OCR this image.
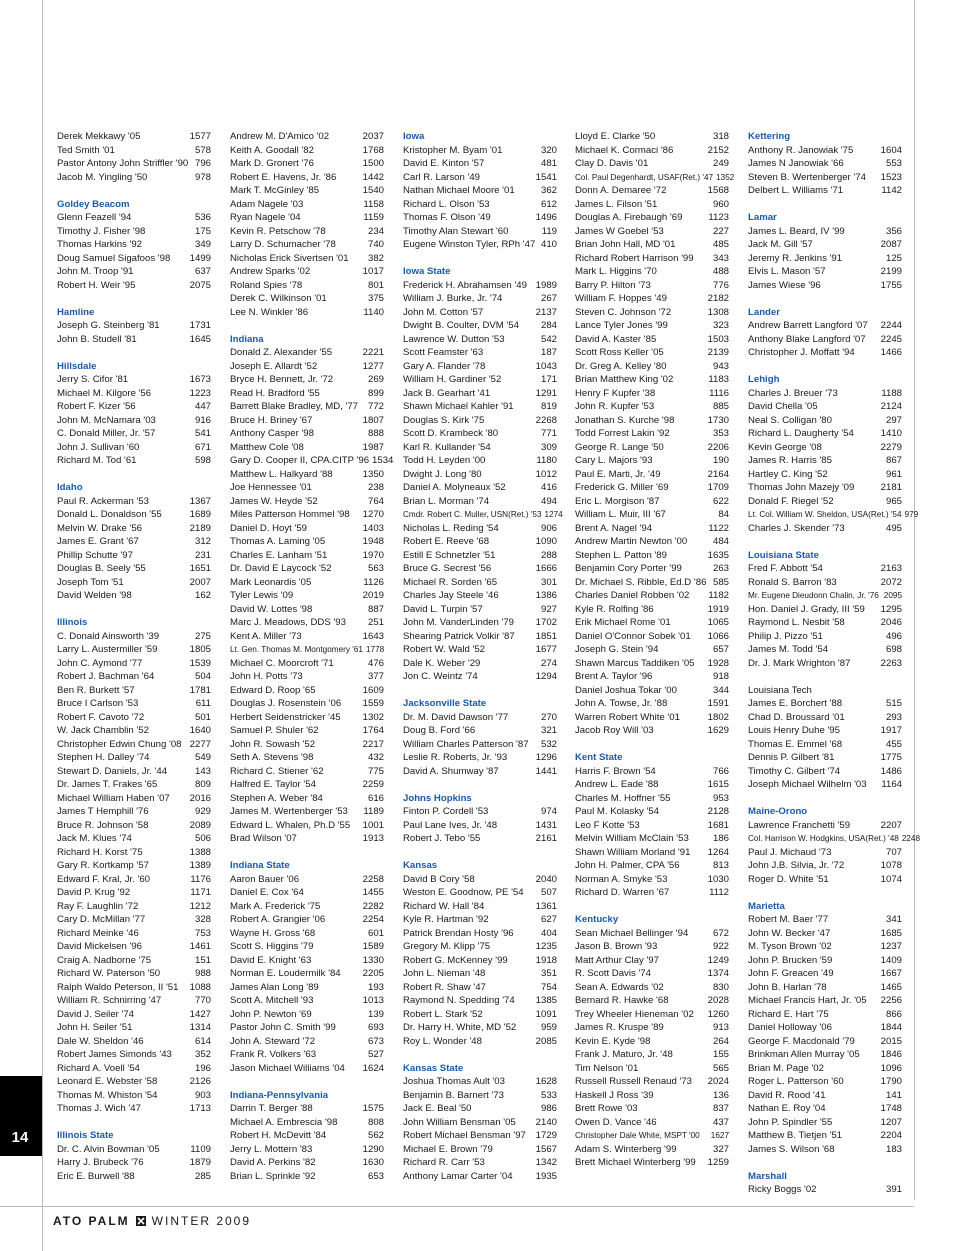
14
Derek Mekkawy '05	1577
Ted Smith '01	578
Pastor Antony John Striffler '90 796
Jacob M. Yingling '50	978
Goldey Beacom
Glenn Feazell '94	536
Timothy J. Fisher '98	175
Thomas Harkins '92	349
Doug Samuel Sigafoos '98	1499
John M. Troop '91	637
Robert H. Weir '95	2075
Hamline
Joseph G. Steinberg '81	1731
John B. Studell '81	1645
Hillsdale
Jerry S. Cifor '81	1673
Michael M. Kilgore '56	1223
Robert F. Kizer '56	447
John M. McNamara '03	916
C. Donald Miller, Jr. '57	541
John J. Sullivan '60	671
Richard M. Tod '61	598
Idaho
Paul R. Ackerman '53	1367
Donald L. Donaldson '55	1689
Melvin W. Drake '56	2189
James E. Grant '67	312
Phillip Schutte '97	231
Douglas B. Seely '55	1651
Joseph Tom '51	2007
David Welden '98	162
Illinois
C. Donald Ainsworth '39	275
Larry L. Austermiller '59	1805
John C. Aymond '77	1539
Robert J. Bachman '64	504
Ben R. Burkett '57	1781
Bruce I Carlson '53	611
Robert F. Cavoto '72	501
W. Jack Chamblin '52	1640
Christopher Edwin Chung '08 2277
Stephen H. Dalley '74	549
Stewart D. Daniels, Jr. '44	143
Dr. James T. Frakes '65	809
Michael William Haben '07	2016
James T Hemphill '76	929
Bruce R. Johnson '58	2089
Jack M. Klues '74	506
Richard H. Korst '75	1388
Gary R. Kortkamp '57	1389
Edward F. Kral, Jr. '60	1176
David P. Krug '92	1171
Ray F. Laughlin '72	1212
Cary D. McMillan '77	328
Richard Meinke '46	753
David Mickelsen '96	1461
Craig A. Nadborne '75	151
Richard W. Paterson '50	988
Ralph Waldo Peterson, II '51	1088
William R. Schnirring '47	770
David J. Seiler '74	1427
John H. Seiler '51	1314
Dale W. Sheldon '46	614
Robert James Simonds '43	352
Richard A. Voell '54	196
Leonard E. Webster '58	2126
Thomas M. Whiston '54	903
Thomas J. Wich '47	1713
Illinois State
Dr. C. Alvin Bowman '05	1109
Harry J. Brubeck '76	1879
Eric E. Burwell '88	285
Andrew M. D'Amico '02	2037
Keith A. Goodall '82	1768
Mark D. Gronert '76	1500
Robert E. Havens, Jr. '86	1442
Mark T. McGinley '85	1540
Adam Nagele '03	1158
Ryan Nagele '04	1159
Kevin R. Petschow '78	234
Larry D. Schumacher '78	740
Nicholas Erick Sivertsen '01	382
Andrew Sparks '02	1017
Roland Spies '78	801
Derek C. Wilkinson '01	375
Lee N. Winkler '86	1140
Indiana
Donald Z. Alexander '55	2221
Joseph E. Allardt '52	1277
Bryce H. Bennett, Jr. '72	269
Read H. Bradford '55	899
Barrett Blake Bradley, MD, '77	772
Bruce H. Briney '67	1807
Anthony Casper '98	888
Matthew Cole '08	1987
Gary D. Cooper II, CPA.CITP '96 1534
Matthew L. Halkyard '88	1350
Joe Hennessee '01	238
James W. Heyde '52	764
Miles Patterson Hommel '98	1270
Daniel D. Hoyt '59	1403
Thomas A. Laming '05	1948
Charles E. Lanham '51	1970
Dr. David E Laycock '52	563
Mark Leonardis '05	1126
Tyler Lewis '09	2019
David W. Lottes '98	887
Marc J. Meadows, DDS '93	251
Kent A. Miller '73	1643
Lt. Gen. Thomas M. Montgomery '61 1778
Michael C. Moorcroft '71	476
John H. Potts '73	377
Edward D. Roop '65	1609
Douglas J. Rosenstein '06	1559
Herbert Seidenstricker '45	1302
Samuel P. Shuler '62	1764
John R. Sowash '52	2217
Seth A. Stevens '98	432
Richard C. Stiener '62	775
Halfred E. Taylor '54	2259
Stephen A. Weber '84	616
James M. Wertenberger '53	1189
Edward L. Whalen, Ph.D '55	1001
Brad Wilson '07	1913
Indiana State
Aaron Bauer '06	2258
Daniel E. Cox '64	1455
Mark A. Frederick '75	2282
Robert A. Grangier '06	2254
Wayne H. Gross '68	601
Scott S. Higgins '79	1589
David E. Knight '63	1330
Norman E. Loudermilk '84	2205
James Alan Long '89	193
Scott A. Mitchell '93	1013
John P. Newton '69	139
Pastor John C. Smith '99	693
John A. Steward '72	673
Frank R. Volkers '63	527
Jason Michael Williams '04	1624
Indiana-Pennsylvania
Darrin T. Berger '88	1575
Michael A. Embrescia '98	808
Robert H. McDevitt '84	562
Jerry L. Mottern '83	1290
David A. Perkins '82	1630
Brian L. Sprinkle '92	653
Iowa
Kristopher M. Byam '01	320
David E. Kinton '57	481
Carl R. Larson '49	1541
Nathan Michael Moore '01	362
Richard L. Olson '53	612
Thomas F. Olson '49	1496
Timothy Alan Stewart '60	119
Eugene Winston Tyler, RPh '47 410
Iowa State
Frederick H. Abrahamsen '49 1989
William J. Burke, Jr. '74	267
John M. Cotton '57	2137
Dwight B. Coulter, DVM '54	284
Lawrence W. Dutton '53	542
Scott Feamster '63	187
Gary A. Flander '78	1043
William H. Gardiner '52	171
Jack B. Gearhart '41	1291
Shawn Michael Kahler '91	819
Douglas S. Kirk '75	2268
Scott D. Krambeck '80	771
Karl R. Kullander '54	309
Todd H. Leyden '00	1180
Dwight J. Long '80	1012
Daniel A. Molyneaux '52	416
Brian L. Morman '74	494
Cmdr. Robert C. Muller, USN(Ret.) '53 1274
Nicholas L. Reding '54	906
Robert E. Reeve '68	1090
Estill E Schnetzler '51	288
Bruce G. Secrest '56	1666
Michael R. Sorden '65	301
Charles Jay Steele '46	1386
David L. Turpin '57	927
John M. VanderLinden '79	1702
Shearing Patrick Volkir '87	1851
Robert W. Wald '52	1677
Dale K. Weber '29	274
Jon C. Weintz '74	1294
Jacksonville State
Dr. M. David Dawson '77	270
Doug B. Ford '66	321
William Charles Patterson '87	532
Leslie R. Roberts, Jr. '93	1296
David A. Shumway '87	1441
Johns Hopkins
Finton P. Cordell '53	974
Paul Lane Ives, Jr. '48	1431
Robert J. Tebo '55	2161
Kansas
David B Cory '58	2040
Weston E. Goodnow, PE '54	507
Richard W. Hall '84	1361
Kyle R. Hartman '92	627
Patrick Brendan Hosty '96	404
Gregory M. Klipp '75	1235
Robert G. McKenney '99	1918
John L. Nieman '48	351
Robert R. Shaw '47	754
Raymond N. Spedding '74	1385
Robert L. Stark '52	1091
Dr. Harry H. White, MD '52	959
Roy L. Wonder '48	2085
Kansas State
Joshua Thomas Ault '03	1628
Benjamin B. Barnert '73	533
Jack E. Beal '50	986
John William Bensman '05	2140
Robert Michael Bensman '97	1729
Michael E. Brown '79	1567
Richard R. Carr '53	1342
Anthony Lamar Carter '04	1935
Lloyd E. Clarke '50	318
Michael K. Cormaci '86	2152
Clay D. Davis '01	249
Col. Paul Degenhardt, USAF(Ret.) '47 1352
Donn A. Demaree '72	1568
James L. Filson '51	960
Douglas A. Firebaugh '69	1123
James W Goebel '53	227
Brian John Hall, MD '01	485
Richard Robert Harrison '99	343
Mark L. Higgins '70	488
Barry P. Hilton '73	776
William F. Hoppes '49	2182
Steven C. Johnson '72	1308
Lance Tyler Jones '99	323
David A. Kaster '85	1503
Scott Ross Keller '05	2139
Dr. Greg A. Kelley '80	943
Brian Matthew King '02	1183
Henry F Kupfer '38	1116
John R. Kupfer '53	885
Jonathan S. Kurche '98	1730
Todd Forrest Lakin '92	353
George R. Lange '50	2206
Cary L. Majors '93	190
Paul E. Marti, Jr. '49	2164
Frederick G. Miller '69	1709
Eric L. Morgison '87	622
William L. Muir, III '67	84
Brent A. Nagel '94	1122
Andrew Martin Newton '00	484
Stephen L. Patton '89	1635
Benjamin Cory Porter '99	263
Dr. Michael S. Ribble, Ed.D '86 585
Charles Daniel Robben '02	1182
Kyle R. Rolfing '86	1919
Erik Michael Rome '01	1065
Daniel O'Connor Sobek '01	1066
Joseph G. Stein '94	657
Shawn Marcus Taddiken '05	1928
Brent A. Taylor '96	918
Daniel Joshua Tokar '00	344
John A. Towse, Jr. '88	1591
Warren Robert White '01	1802
Jacob Roy Will '03	1629
Kent State
Harris F. Brown '54	766
Andrew L. Eade '88	1615
Charles M. Hoffner '55	953
Paul M. Kolasky '54	2128
Leo F Kotte '53	1681
Melvin William McClain '53	186
Shawn William Morland '91	1264
John H. Palmer, CPA '56	813
Norman A. Smyke '53	1030
Richard D. Warren '67	1112
Kentucky
Sean Michael Bellinger '94	672
Jason B. Brown '93	922
Matt Arthur Clay '97	1249
R. Scott Davis '74	1374
Sean A. Edwards '02	830
Bernard R. Hawke '68	2028
Trey Wheeler Hieneman '02	1260
James R. Kruspe '89	913
Kevin E. Kyde '98	264
Frank J. Maturo, Jr. '48	155
Tim Nelson '01	565
Russell Russell Renaud '73	2024
Haskell J Ross '39	136
Brett Rowe '03	837
Owen D. Vance '46	437
Christopher Dale White, MSPT '00	1627
Adam S. Winterberg '99	327
Brett Michael Winterberg '99	1259
Kettering
Anthony R. Janowiak '75	1604
James N Janowiak '66	553
Steven B. Wertenberger '74	1523
Delbert L. Williams '71	1142
Lamar
James L. Beard, IV '99	356
Jack M. Gill '57	2087
Jeremy R. Jenkins '91	125
Elvis L. Mason '57	2199
James Wiese '96	1755
Lander
Andrew Barrett Langford '07	2244
Anthony Blake Langford '07	2245
Christopher J. Moffatt '94	1466
Lehigh
Charles J. Breuer '73	1188
David Chella '05	2124
Neal S. Colligan '80	297
Richard L. Daugherty '54	1410
Kevin George '08	2279
James R. Harris '85	867
Hartley C. King '52	961
Thomas John Mazejy '09	2181
Donald F. Riegel '52	965
Lt. Col. William W. Sheldon, USA(Ret.) '54 979
Charles J. Skender '73	495
Louisiana State
Fred F. Abbott '54	2163
Ronald S. Barron '83	2072
Mr. Eugene Dieudonn Chalin, Jr. '76 2095
Hon. Daniel J. Grady, III '59	1295
Raymond L. Nesbit '58	2046
Philip J. Pizzo '51	496
James M. Todd '54	698
Dr. J. Mark Wrighton '87	2263
Louisiana Tech
James E. Borchert '88	515
Chad D. Broussard '01	293
Louis Henry Duhe '95	1917
Thomas E. Emmel '68	455
Dennis P. Gilbert '81	1775
Timothy C. Gilbert '74	1486
Joseph Michael Wilhelm '03	1164
Maine-Orono
Lawrence Franchetti '59	2207
Col. Harrison W. Hodgkins, USA(Ret.) '48 2248
Paul J. Michaud '73	707
John J.B. Silvia, Jr. '72	1078
Roger D. White '51	1074
Marietta
Robert M. Baer '77	341
John W. Becker '47	1685
M. Tyson Brown '02	1237
John P. Brucken '59	1409
John F. Greacen '49	1667
John B. Harlan '78	1465
Michael Francis Hart, Jr. '05	2256
Richard E. Hart '75	866
Daniel Holloway '06	1844
George F. Macdonald '79	2015
Brinkman Allen Murray '05	1846
Brian M. Page '02	1096
Roger L. Patterson '60	1790
David R. Rood '41	141
Nathan E. Roy '04	1748
John P. Spindler '55	1207
Matthew B. Tietjen '51	2204
James S. Wilson '68	183
Marshall
Ricky Boggs '02	391
ATO PALM WINTER 2009
